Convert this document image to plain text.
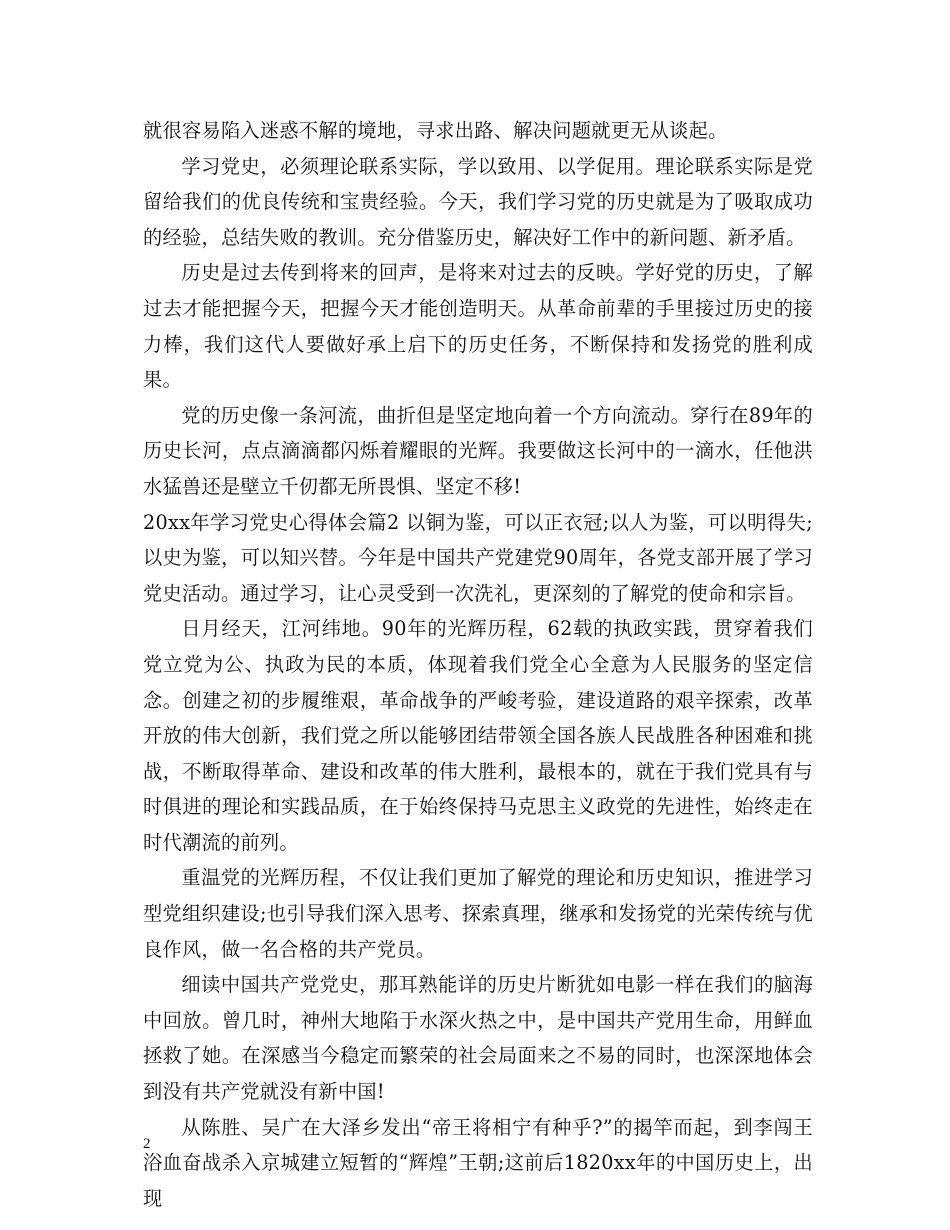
就很容易陷入迷惑不解的境地，寻求出路、解决问题就更无从谈起。

学习党史，必须理论联系实际，学以致用、以学促用。理论联系实际是党留给我们的优良传统和宝贵经验。今天，我们学习党的历史就是为了吸取成功的经验，总结失败的教训。充分借鉴历史，解决好工作中的新问题、新矛盾。

历史是过去传到将来的回声，是将来对过去的反映。学好党的历史，了解过去才能把握今天，把握今天才能创造明天。从革命前辈的手里接过历史的接力棒，我们这代人要做好承上启下的历史任务，不断保持和发扬党的胜利成果。

党的历史像一条河流，曲折但是坚定地向着一个方向流动。穿行在89年的历史长河，点点滴滴都闪烁着耀眼的光辉。我要做这长河中的一滴水，任他洪水猛兽还是壁立千仞都无所畏惧、坚定不移!

20xx年学习党史心得体会篇2 以铜为鉴，可以正衣冠;以人为鉴，可以明得失;以史为鉴，可以知兴替。今年是中国共产党建党90周年，各党支部开展了学习党史活动。通过学习，让心灵受到一次洗礼，更深刻的了解党的使命和宗旨。

日月经天，江河纬地。90年的光辉历程，62载的执政实践，贯穿着我们党立党为公、执政为民的本质，体现着我们党全心全意为人民服务的坚定信念。创建之初的步履维艰，革命战争的严峻考验，建设道路的艰辛探索，改革开放的伟大创新，我们党之所以能够团结带领全国各族人民战胜各种困难和挑战，不断取得革命、建设和改革的伟大胜利，最根本的，就在于我们党具有与时俱进的理论和实践品质，在于始终保持马克思主义政党的先进性，始终走在时代潮流的前列。

重温党的光辉历程，不仅让我们更加了解党的理论和历史知识，推进学习型党组织建设;也引导我们深入思考、探索真理，继承和发扬党的光荣传统与优良作风，做一名合格的共产党员。

细读中国共产党党史，那耳熟能详的历史片断犹如电影一样在我们的脑海中回放。曾几时，神州大地陷于水深火热之中，是中国共产党用生命，用鲜血拯救了她。在深感当今稳定而繁荣的社会局面来之不易的同时，也深深地体会到没有共产党就没有新中国!

从陈胜、吴广在大泽乡发出“帝王将相宁有种乎?”的揭竿而起，到李闯王浴血奋战杀入京城建立短暂的“辉煌”王朝;这前后1820xx年的中国历史上，出现

2
